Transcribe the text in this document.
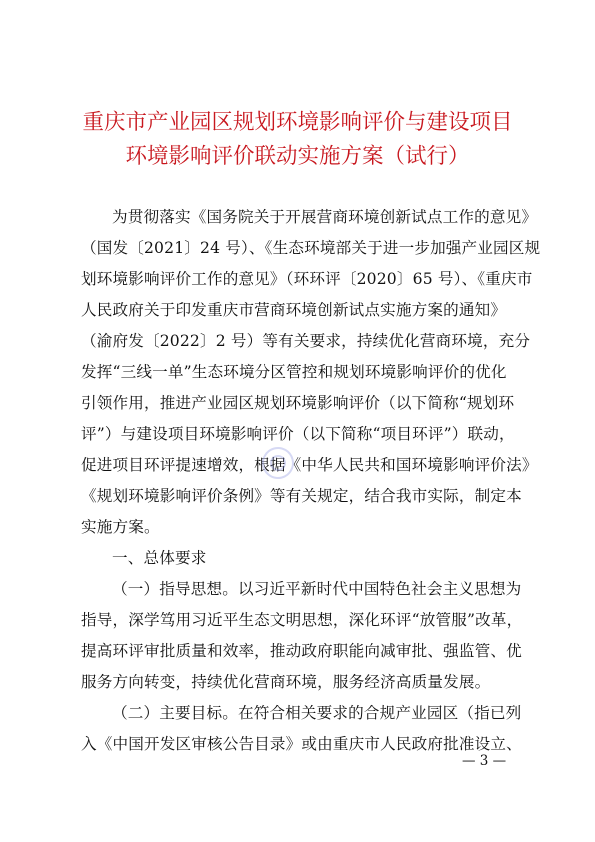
重庆市产业园区规划环境影响评价与建设项目
环境影响评价联动实施方案（试行）
为贯彻落实《国务院关于开展营商环境创新试点工作的意见》
（国发〔2021〕24 号）、《生态环境部关于进一步加强产业园区规
划环境影响评价工作的意见》（环环评〔2020〕65 号）、《重庆市
人民政府关于印发重庆市营商环境创新试点实施方案的通知》
（渝府发〔2022〕2 号）等有关要求，持续优化营商环境，充分
发挥“三线一单”生态环境分区管控和规划环境影响评价的优化
引领作用，推进产业园区规划环境影响评价（以下简称“规划环
评”）与建设项目环境影响评价（以下简称“项目环评”）联动，
促进项目环评提速增效，根据《中华人民共和国环境影响评价法》
《规划环境影响评价条例》等有关规定，结合我市实际，制定本
实施方案。
一、总体要求
（一）指导思想。以习近平新时代中国特色社会主义思想为
指导，深学笃用习近平生态文明思想，深化环评“放管服”改革，
提高环评审批质量和效率，推动政府职能向减审批、强监管、优
服务方向转变，持续优化营商环境，服务经济高质量发展。
（二）主要目标。在符合相关要求的合规产业园区（指已列
入《中国开发区审核公告目录》或由重庆市人民政府批准设立、
— 3 —
